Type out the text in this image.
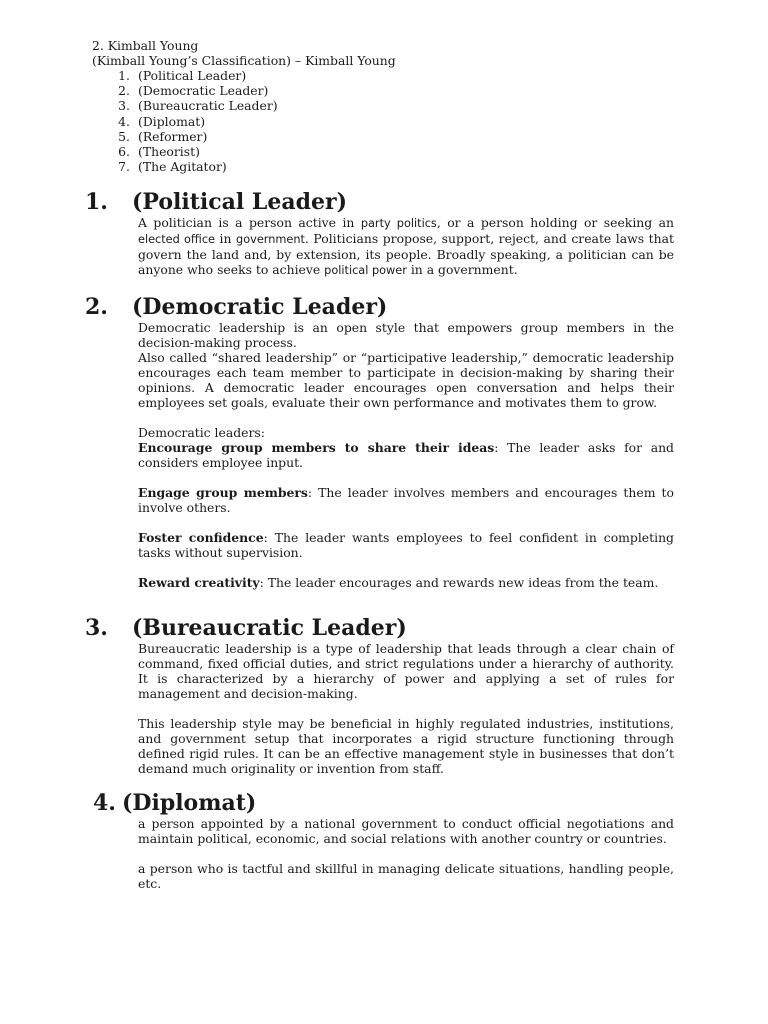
2. Kimball Young
(Kimball Young’s Classification) – Kimball Young
1. (Political Leader)
2. (Democratic Leader)
3. (Bureaucratic Leader)
4. (Diplomat)
5. (Reformer)
6. (Theorist)
7. (The Agitator)
1.	(Political Leader)

A politician is a person active in party politics, or a person holding or seeking an elected office in government. Politicians propose, support, reject, and create laws that govern the land and, by extension, its people. Broadly speaking, a politician can be anyone who seeks to achieve political power in a government.

2.	(Democratic Leader)

Democratic leadership is an open style that empowers group members in the decision-making process.

Also called “shared leadership” or “participative leadership,” democratic leadership encourages each team member to participate in decision-making by sharing their opinions. A democratic leader encourages open conversation and helps their employees set goals, evaluate their own performance and motivates them to grow.

Democratic leaders:

Encourage group members to share their ideas: The leader asks for and considers employee input.

Engage group members: The leader involves members and encourages them to involve others.

Foster confidence: The leader wants employees to feel confident in completing tasks without supervision.

Reward creativity: The leader encourages and rewards new ideas from the team.

3.	(Bureaucratic Leader)

Bureaucratic leadership is a type of leadership that leads through a clear chain of command, fixed official duties, and strict regulations under a hierarchy of authority. It is characterized by a hierarchy of power and applying a set of rules for management and decision-making.

This leadership style may be beneficial in highly regulated industries, institutions, and government setup that incorporates a rigid structure functioning through defined rigid rules. It can be an effective management style in businesses that don’t demand much originality or invention from staff.

4. (Diplomat)

a person appointed by a national government to conduct official negotiations and maintain political, economic, and social relations with another country or countries.

a person who is tactful and skillful in managing delicate situations, handling people, etc.
